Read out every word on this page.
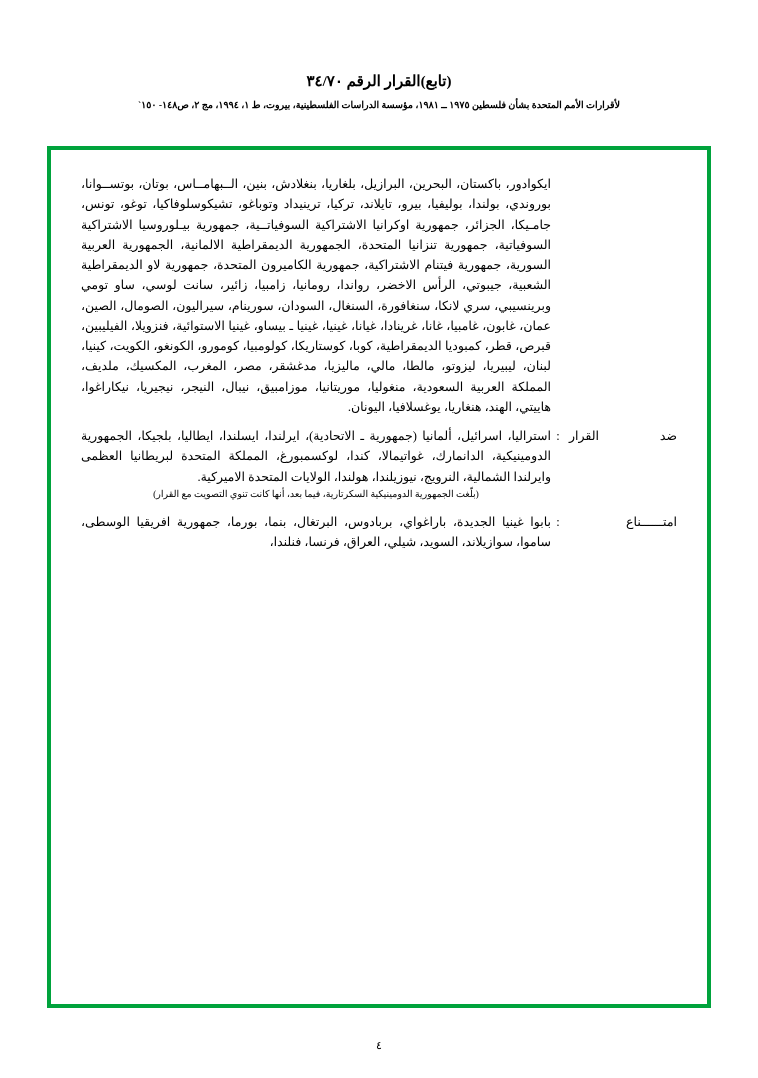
(تابع)القرار الرقم ٣٤/٧٠
ﻷقرارات الأمم المتحدة بشأن فلسطين ١٩٧٥ ــ ١٩٨١، مؤسسة الدراسات الفلسطينية، بيروت، ط ١، ١٩٩٤، مج ٢، ص١٤٨- ١٥٠`
ايكوادور، باكستان، البحرين، البرازيل، بلغاريا، بنغلادش، بنين، الــبهامــاس، بوتان، بوتســوانا، بوروندي، بولندا، بوليفيا، بيرو، تايلاند، تركيا، ترينيداد وتوباغو، تشيكوسلوفاكيا، توغو، تونس، جامـيكا، الجزائر، جمهورية اوكرانيا الاشتراكية السوفياتــية، جمهورية بيـلوروسيا الاشتراكية السوفياتية، جمهورية تنزانيا المتحدة، الجمهورية الديمقراطية الالمانية، الجمهورية العربية السورية، جمهورية فيتنام الاشتراكية، جمهورية الكاميرون المتحدة، جمهورية لاو الديمقراطية الشعبية، جيبوتي، الرأس الاخضر، رواندا، رومانيا، زامبيا، زائير، سانت لوسي، ساو تومي وبرينسيبي، سري لانكا، سنغافورة، السنغال، السودان، سورينام، سيراليون، الصومال، الصين، عمان، غابون، غامبيا، غانا، غرينادا، غيانا، غينيا، غينيا ـ بيساو، غينيا الاستوائية، فنزويلا، الفيليبين، قبرص، قطر، كمبوديا الديمقراطية، كوبا، كوستاريكا، كولومبيا، كومورو، الكونغو، الكويت، كينيا، لبنان، ليبيريا، ليزوتو، مالطا، مالي، ماليزيا، مدغشقر، مصر، المغرب، المكسيك، ملديف، المملكة العربية السعودية، منغوليا، موريتانيا، موزامبيق، نيبال، النيجر، نيجيريا، نيكاراغوا، هاييتي، الهند، هنغاريا، يوغسلافيا، اليونان.
ضد القرار
:
استراليا، اسرائيل، ألمانيا (جمهورية ـ الاتحادية)، ايرلندا، ايسلندا، ايطاليا، بلجيكا، الجمهورية الدومينيكية، الدانمارك، غواتيمالا، كندا، لوكسمبورغ، المملكة المتحدة لبريطانيا العظمى وايرلندا الشمالية، النرويج، نيوزيلندا، هولندا، الولايات المتحدة الاميركية.
(بلّغت الجمهورية الدومينيكية السكرتارية، فيما بعد، أنها كانت تنوي التصويت مع القرار)
امتــــــناع
:
بابوا غينيا الجديدة، باراغواي، بربادوس، البرتغال، بنما، بورما، جمهورية افريقيا الوسطى، ساموا، سوازيلاند، السويد، شيلي، العراق، فرنسا، فنلندا،
٤
